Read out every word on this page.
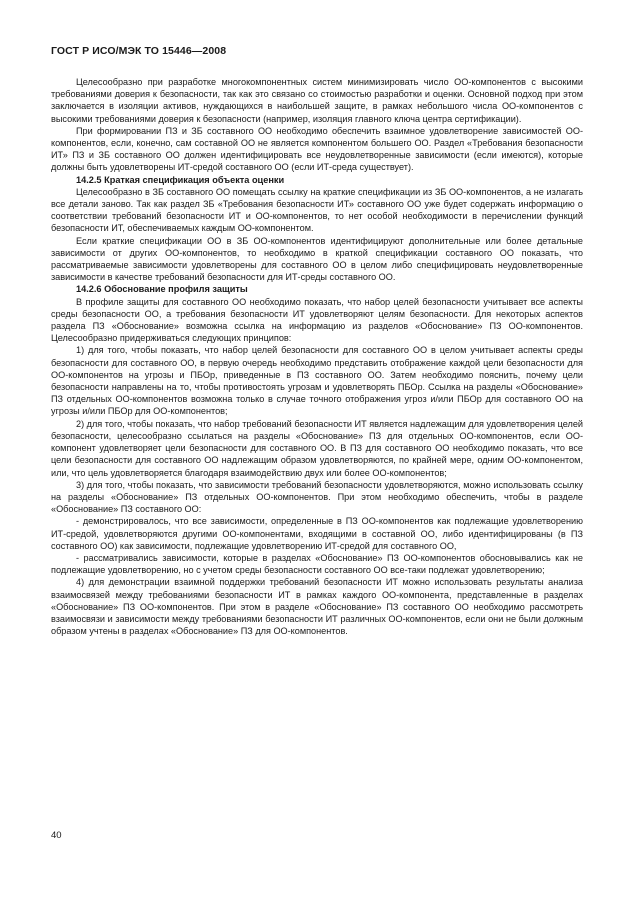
ГОСТ Р ИСО/МЭК ТО 15446—2008

Целесообразно при разработке многокомпонентных систем минимизировать число ОО-компонентов с высокими требованиями доверия к безопасности, так как это связано со стоимостью разработки и оценки. Основной подход при этом заключается в изоляции активов, нуждающихся в наибольшей защите, в рамках небольшого числа ОО-компонентов с высокими требованиями доверия к безопасности (например, изоляция главного ключа центра сертификации).

При формировании ПЗ и ЗБ составного ОО необходимо обеспечить взаимное удовлетворение зависимостей ОО-компонентов, если, конечно, сам составной ОО не является компонентом большего ОО. Раздел «Требования безопасности ИТ» ПЗ и ЗБ составного ОО должен идентифицировать все неудовлетворенные зависимости (если имеются), которые должны быть удовлетворены ИТ-средой составного ОО (если ИТ-среда существует).

14.2.5 Краткая спецификация объекта оценки

Целесообразно в ЗБ составного ОО помещать ссылку на краткие спецификации из ЗБ ОО-компонентов, а не излагать все детали заново. Так как раздел ЗБ «Требования безопасности ИТ» составного ОО уже будет содержать информацию о соответствии требований безопасности ИТ и ОО-компонентов, то нет особой необходимости в перечислении функций безопасности ИТ, обеспечиваемых каждым ОО-компонентом.

Если краткие спецификации ОО в ЗБ ОО-компонентов идентифицируют дополнительные или более детальные зависимости от других ОО-компонентов, то необходимо в краткой спецификации составного ОО показать, что рассматриваемые зависимости удовлетворены для составного ОО в целом либо специфицировать неудовлетворенные зависимости в качестве требований безопасности для ИТ-среды составного ОО.

14.2.6 Обоснование профиля защиты

В профиле защиты для составного ОО необходимо показать, что набор целей безопасности учитывает все аспекты среды безопасности ОО, а требования безопасности ИТ удовлетворяют целям безопасности. Для некоторых аспектов раздела ПЗ «Обоснование» возможна ссылка на информацию из разделов «Обоснование» ПЗ ОО-компонентов. Целесообразно придерживаться следующих принципов:

1) для того, чтобы показать, что набор целей безопасности для составного ОО в целом учитывает аспекты среды безопасности для составного ОО, в первую очередь необходимо представить отображение каждой цели безопасности для ОО-компонентов на угрозы и ПБОр, приведенные в ПЗ составного ОО. Затем необходимо пояснить, почему цели безопасности направлены на то, чтобы противостоять угрозам и удовлетворять ПБОр. Ссылка на разделы «Обоснование» ПЗ отдельных ОО-компонентов возможна только в случае точного отображения угроз и/или ПБОр для составного ОО на угрозы и/или ПБОр для ОО-компонентов;

2) для того, чтобы показать, что набор требований безопасности ИТ является надлежащим для удовлетворения целей безопасности, целесообразно ссылаться на разделы «Обоснование» ПЗ для отдельных ОО-компонентов, если ОО-компонент удовлетворяет цели безопасности для составного ОО. В ПЗ для составного ОО необходимо показать, что все цели безопасности для составного ОО надлежащим образом удовлетворяются, по крайней мере, одним ОО-компонентом, или, что цель удовлетворяется благодаря взаимодействию двух или более ОО-компонентов;

3) для того, чтобы показать, что зависимости требований безопасности удовлетворяются, можно использовать ссылку на разделы «Обоснование» ПЗ отдельных ОО-компонентов. При этом необходимо обеспечить, чтобы в разделе «Обоснование» ПЗ составного ОО:

- демонстрировалось, что все зависимости, определенные в ПЗ ОО-компонентов как подлежащие удовлетворению ИТ-средой, удовлетворяются другими ОО-компонентами, входящими в составной ОО, либо идентифицированы (в ПЗ составного ОО) как зависимости, подлежащие удовлетворению ИТ-средой для составного ОО,

- рассматривались зависимости, которые в разделах «Обоснование» ПЗ ОО-компонентов обосновывались как не подлежащие удовлетворению, но с учетом среды безопасности составного ОО все-таки подлежат удовлетворению;

4) для демонстрации взаимной поддержки требований безопасности ИТ можно использовать результаты анализа взаимосвязей между требованиями безопасности ИТ в рамках каждого ОО-компонента, представленные в разделах «Обоснование» ПЗ ОО-компонентов. При этом в разделе «Обоснование» ПЗ составного ОО необходимо рассмотреть взаимосвязи и зависимости между требованиями безопасности ИТ различных ОО-компонентов, если они не были должным образом учтены в разделах «Обоснование» ПЗ для ОО-компонентов.

40
